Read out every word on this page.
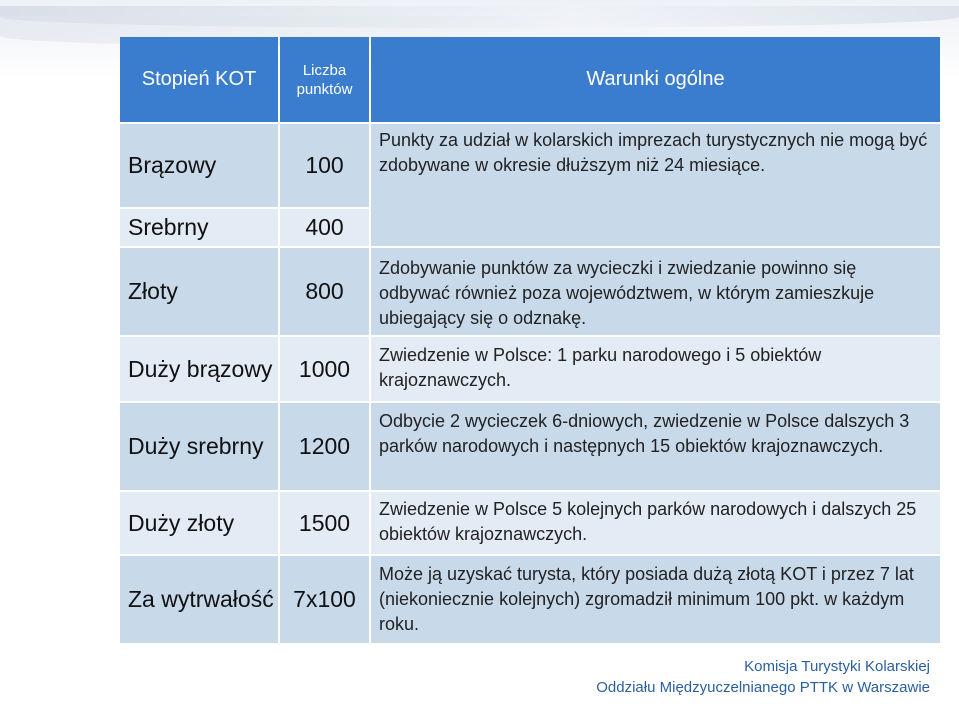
Stopień KOT	Liczba punktów	Warunki ogólne
Brązowy	100	Punkty za udział w kolarskich imprezach turystycznych nie mogą być zdobywane w okresie dłuższym niż 24 miesiące.
Srebrny	400	
Złoty	800	Zdobywanie punktów za wycieczki i zwiedzanie powinno się odbywać również poza województwem, w którym zamieszkuje ubiegający się o odznakę.
Duży brązowy	1000	Zwiedzenie w Polsce: 1 parku narodowego i 5 obiektów krajoznawczych.
Duży srebrny	1200	Odbycie 2 wycieczek 6-dniowych, zwiedzenie w Polsce dalszych 3 parków narodowych i następnych 15 obiektów krajoznawczych.
Duży złoty	1500	Zwiedzenie w Polsce 5 kolejnych parków narodowych i dalszych 25 obiektów krajoznawczych.
Za wytrwałość	7x100	Może ją uzyskać turysta, który posiada dużą złotą KOT i przez 7 lat (niekoniecznie kolejnych) zgromadził minimum 100 pkt. w każdym roku.
Komisja Turystyki Kolarskiej
Oddziału Międzyuczelnianego PTTK w Warszawie
